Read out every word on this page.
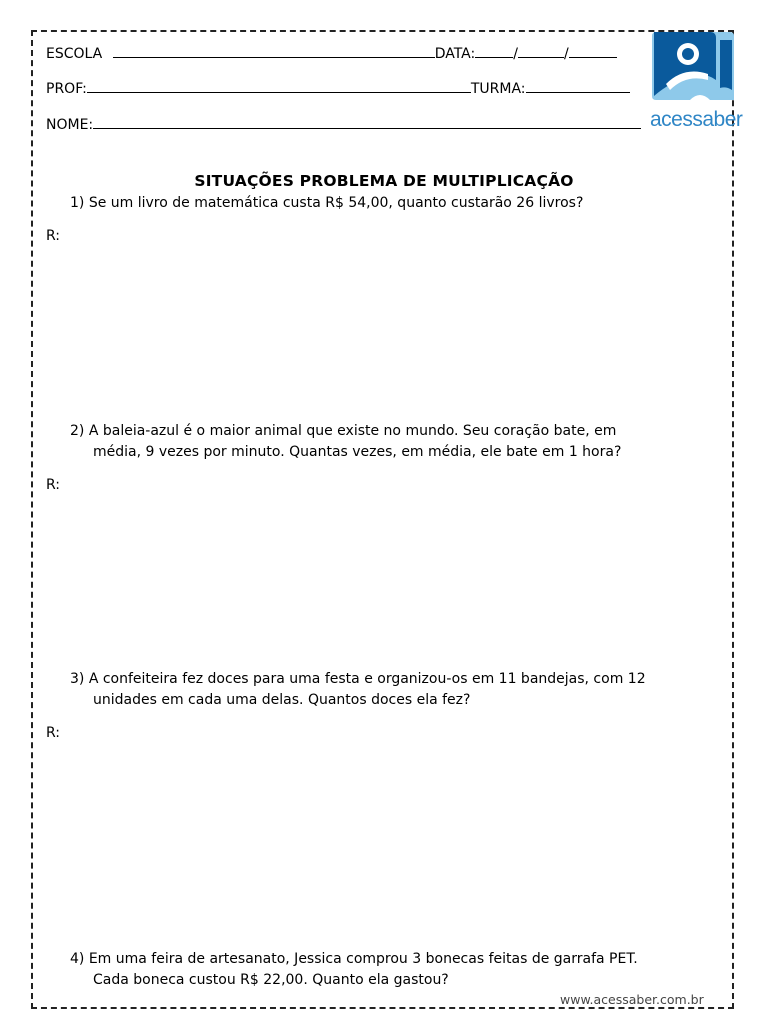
ESCOLA	DATA:	/	/
PROF:	TURMA:
NOME:	acessaber
SITUAÇÕES PROBLEMA DE MULTIPLICAÇÃO
1) Se um livro de matemática custa R$ 54,00, quanto custarão 26 livros?
R:
2) A baleia-azul é o maior animal que existe no mundo. Seu coração bate, em
média, 9 vezes por minuto. Quantas vezes, em média, ele bate em 1 hora?
R:
3) A confeiteira fez doces para uma festa e organizou-os em 11 bandejas, com 12
unidades em cada uma delas. Quantos doces ela fez?
R:
4) Em uma feira de artesanato, Jessica comprou 3 bonecas feitas de garrafa PET.
Cada boneca custou R$ 22,00. Quanto ela gastou?
www.acessaber.com.br
